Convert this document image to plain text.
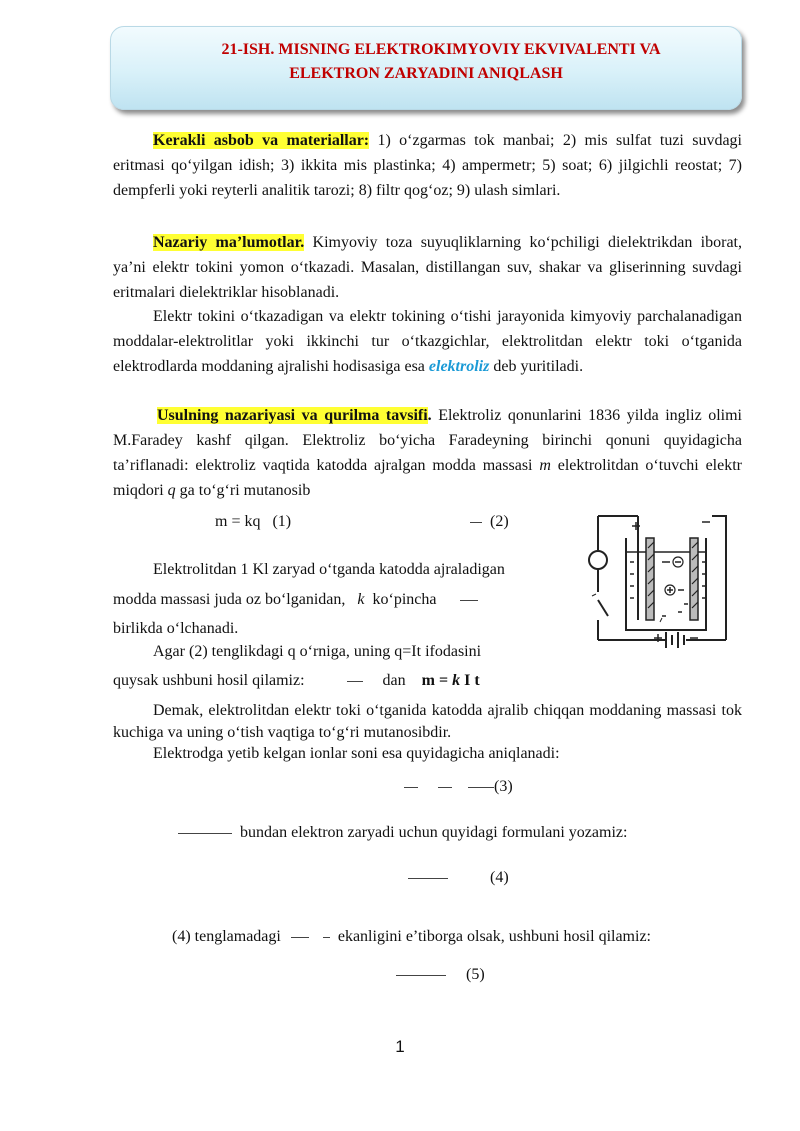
21-ISH. MISNING ELEKTROKIMYOVIY EKVIVALENTI VA
ELEKTRON ZARYADINI ANIQLASH
Kerakli asbob va materiallar: 1) o‘zgarmas tok manbai; 2) mis sulfat tuzi suvdagi eritmasi qo‘yilgan idish; 3) ikkita mis plastinka; 4) ampermetr; 5) soat; 6) jilgichli reostat; 7) dempferli yoki reyterli analitik tarozi; 8) filtr qog‘oz; 9) ulash simlari.
Nazariy ma’lumotlar. Kimyoviy toza suyuqliklarning ko‘pchiligi dielektrikdan iborat, ya’ni elektr tokini yomon o‘tkazadi. Masalan, distillangan suv, shakar va gliserinning suvdagi eritmalari dielektriklar hisoblanadi.
Elektr tokini o‘tkazadigan va elektr tokining o‘tishi jarayonida kimyoviy parchalanadigan moddalar-elektrolitlar yoki ikkinchi tur o‘tkazgichlar, elektrolitdan elektr toki o‘tganida elektrodlarda moddaning ajralishi hodisasiga esa elektroliz deb yuritiladi.
Usulning nazariyasi va qurilma tavsifi. Elektroliz qonunlarini 1836 yilda ingliz olimi M.Faradey kashf qilgan. Elektroliz bo‘yicha Faradeyning birinchi qonuni quyidagicha ta’riflanadi: elektroliz vaqtida katodda ajralgan modda massasi m elektrolitdan o‘tuvchi elektr miqdori q ga to‘g‘ri mutanosib
m = kq (1)	(2)
Elektrolitdan 1 Kl zaryad o‘tganda katodda ajraladigan
modda massasi juda oz bo‘lganidan, k ko‘pincha
birlikda o‘lchanadi.
Agar (2) tenglikdagi q o‘rniga, uning q=It ifodasini
quysak ushbuni hosil qilamiz:	dan m = k I t
Demak, elektrolitdan elektr toki o‘tganida katodda ajralib chiqqan moddaning massasi tok kuchiga va uning o‘tish vaqtiga to‘g‘ri mutanosibdir.
Elektrodga yetib kelgan ionlar soni esa quyidagicha aniqlanadi:
(3)
bundan elektron zaryadi uchun quyidagi formulani yozamiz:
(4)
(4) tenglamadagi	ekanligini e’tiborga olsak, ushbuni hosil qilamiz:
(5)
1
